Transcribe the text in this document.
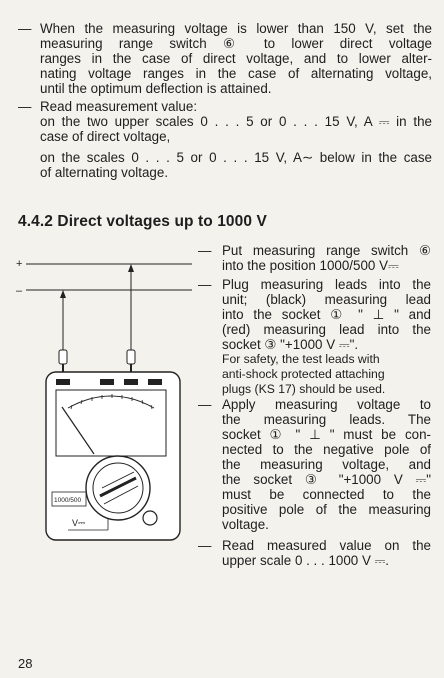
— When the measuring voltage is lower than 150 V, set the

measuring range switch ⑥ to lower direct voltage

ranges in the case of direct voltage, and to lower alter-

nating voltage ranges in the case of alternating voltage,

until the optimum deflection is attained.

— Read measurement value:

on the two upper scales 0 . . . 5 or 0 . . . 15 V, A ⎓ in the

case of direct voltage,

on the scales 0 . . . 5 or 0 . . . 15 V, A∼ below in the case

of alternating voltage.

4.4.2 Direct voltages up to 1000 V
+
–
1000/500
V⎓
— Put measuring range switch ⑥

into the position 1000/500 V⎓

— Plug measuring leads into the

unit; (black) measuring lead

into the socket ① " ⊥ " and

(red) measuring lead into the

socket ③ "+1000 V ⎓".

For safety, the test leads with

anti-shock protected attaching

plugs (KS 17) should be used.

— Apply measuring voltage to

the measuring leads. The

socket ① " ⊥ " must be con-

nected to the negative pole of

the measuring voltage, and

the socket ③ "+1000 V ⎓"

must be connected to the

positive pole of the measuring

voltage.

— Read measured value on the

upper scale 0 . . . 1000 V ⎓.

28
